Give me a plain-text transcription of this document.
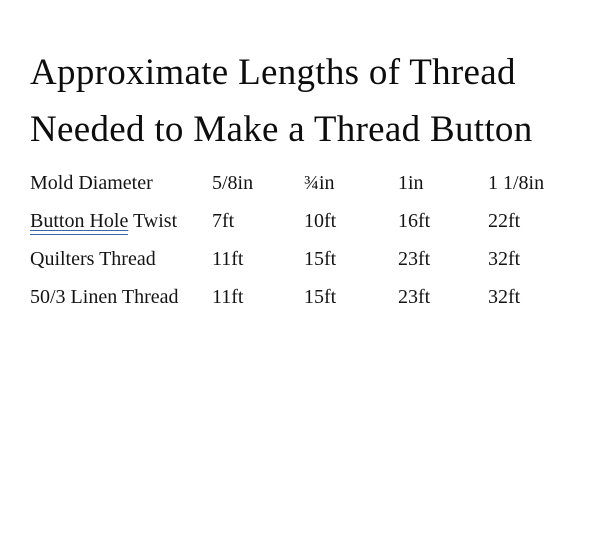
Approximate Lengths of Thread
Needed to Make a Thread Button
Mold Diameter	5/8in	¾in	1in	1 1/8in
Button Hole Twist	7ft	10ft	16ft	22ft
Quilters Thread	11ft	15ft	23ft	32ft
50/3 Linen Thread	11ft	15ft	23ft	32ft
